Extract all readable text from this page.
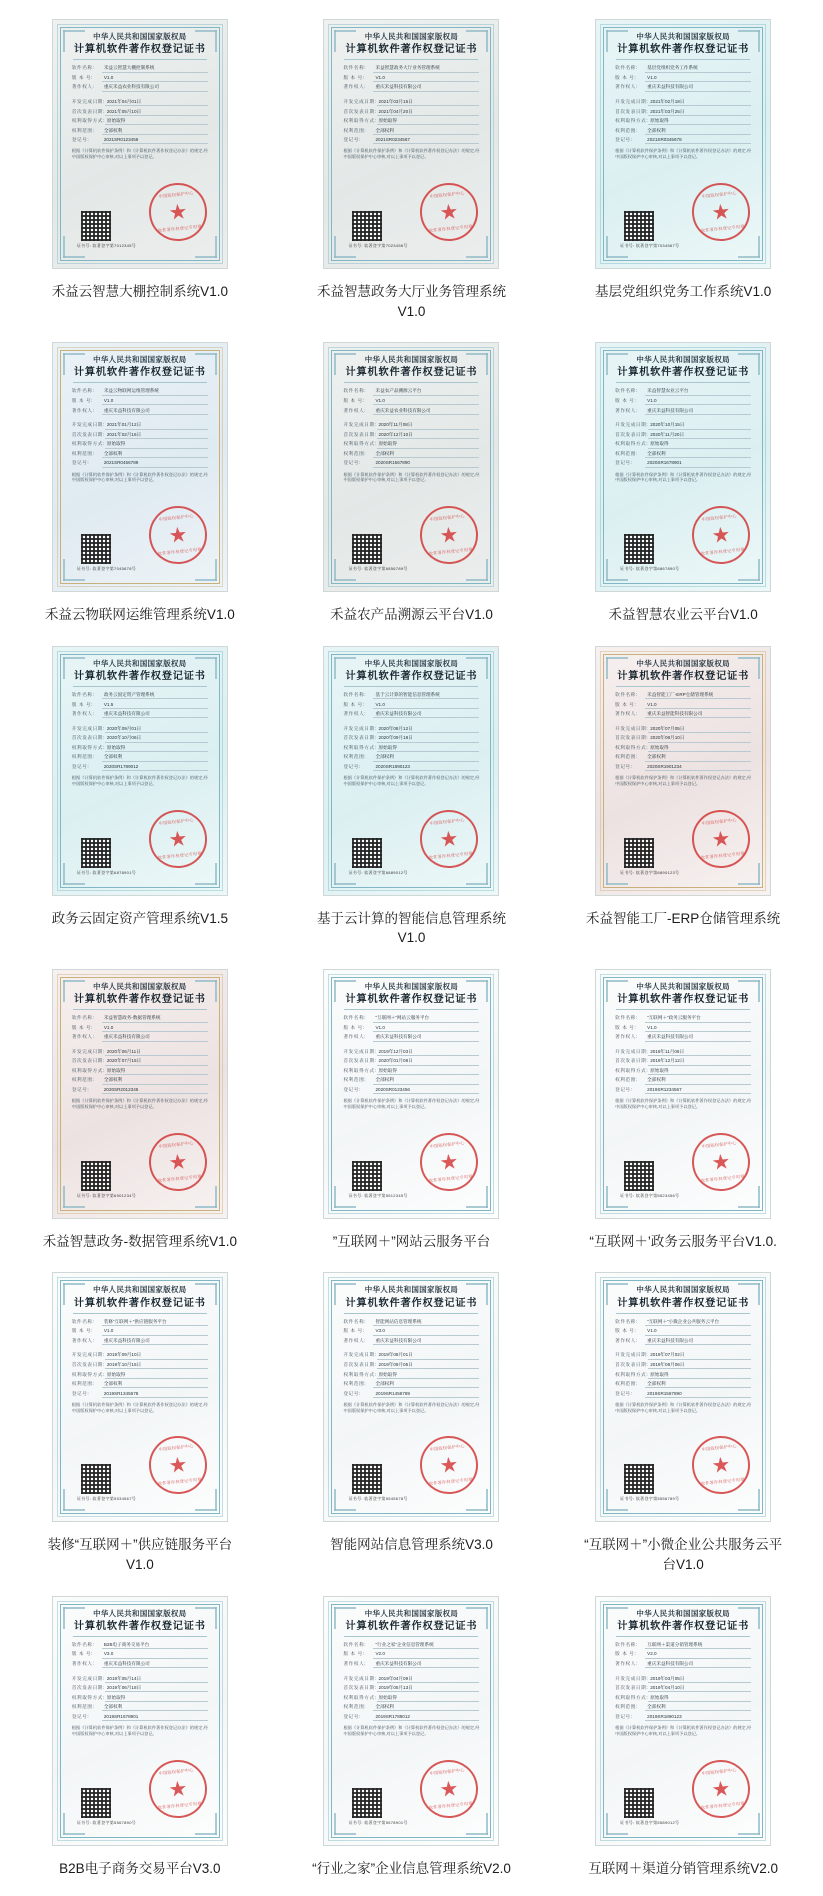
中华人民共和国国家版权局
计算机软件著作权登记证书
软件名称:	禾益云智慧大棚控制系统
版 本 号:	V1.0
著作权人:	重庆禾益农业科技有限公司
开发完成日期: 2021年04月01日
首次发表日期: 2021年05月10日
权利取得方式: 原始取得
权利范围:	全部权利
登记号:	2021SR0123456
根据《计算机软件保护条例》和《计算机软件著作权登记办法》的规定,经中国版权保护中心审核,对以上事项予以登记。
证书号: 软著登字第7012345号
中国版权保护中心
★
软件著作权登记专用章
禾益云智慧大棚控制系统V1.0
中华人民共和国国家版权局
计算机软件著作权登记证书
软件名称:	禾益智慧政务大厅业务管理系统
版 本 号:	V1.0
著作权人:	重庆禾益科技有限公司
开发完成日期: 2021年03月15日
首次发表日期: 2021年04月20日
权利取得方式: 原始取得
权利范围:	全部权利
登记号:	2021SR0234567
根据《计算机软件保护条例》和《计算机软件著作权登记办法》的规定,经中国版权保护中心审核,对以上事项予以登记。
证书号: 软著登字第7023456号
中国版权保护中心
★
软件著作权登记专用章
禾益智慧政务大厅业务管理系统V1.0
中华人民共和国国家版权局
计算机软件著作权登记证书
软件名称:	基层党组织党务工作系统
版 本 号:	V1.0
著作权人:	重庆禾益科技有限公司
开发完成日期: 2021年02月18日
首次发表日期: 2021年03月25日
权利取得方式: 原始取得
权利范围:	全部权利
登记号:	2021SR0345678
根据《计算机软件保护条例》和《计算机软件著作权登记办法》的规定,经中国版权保护中心审核,对以上事项予以登记。
证书号: 软著登字第7034567号
中国版权保护中心
★
软件著作权登记专用章
基层党组织党务工作系统V1.0
中华人民共和国国家版权局
计算机软件著作权登记证书
软件名称:	禾益云物联网运维管理系统
版 本 号:	V1.0
著作权人:	重庆禾益科技有限公司
开发完成日期: 2021年01月12日
首次发表日期: 2021年02月16日
权利取得方式: 原始取得
权利范围:	全部权利
登记号:	2021SR0456789
根据《计算机软件保护条例》和《计算机软件著作权登记办法》的规定,经中国版权保护中心审核,对以上事项予以登记。
证书号: 软著登字第7045678号
中国版权保护中心
★
软件著作权登记专用章
禾益云物联网运维管理系统V1.0
中华人民共和国国家版权局
计算机软件著作权登记证书
软件名称:	禾益农产品溯源云平台
版 本 号:	V1.0
著作权人:	重庆禾益农业科技有限公司
开发完成日期: 2020年11月08日
首次发表日期: 2020年12月10日
权利取得方式: 原始取得
权利范围:	全部权利
登记号:	2020SR1567890
根据《计算机软件保护条例》和《计算机软件著作权登记办法》的规定,经中国版权保护中心审核,对以上事项予以登记。
证书号: 软著登字第6856789号
中国版权保护中心
★
软件著作权登记专用章
禾益农产品溯源云平台V1.0
中华人民共和国国家版权局
计算机软件著作权登记证书
软件名称:	禾益智慧农业云平台
版 本 号:	V1.0
著作权人:	重庆禾益科技有限公司
开发完成日期: 2020年10月15日
首次发表日期: 2020年11月20日
权利取得方式: 原始取得
权利范围:	全部权利
登记号:	2020SR1678901
根据《计算机软件保护条例》和《计算机软件著作权登记办法》的规定,经中国版权保护中心审核,对以上事项予以登记。
证书号: 软著登字第6867890号
中国版权保护中心
★
软件著作权登记专用章
禾益智慧农业云平台V1.0
中华人民共和国国家版权局
计算机软件著作权登记证书
软件名称:	政务云固定资产管理系统
版 本 号:	V1.5
著作权人:	重庆禾益科技有限公司
开发完成日期: 2020年09月01日
首次发表日期: 2020年10月06日
权利取得方式: 原始取得
权利范围:	全部权利
登记号:	2020SR1789012
根据《计算机软件保护条例》和《计算机软件著作权登记办法》的规定,经中国版权保护中心审核,对以上事项予以登记。
证书号: 软著登字第6878901号
中国版权保护中心
★
软件著作权登记专用章
政务云固定资产管理系统V1.5
中华人民共和国国家版权局
计算机软件著作权登记证书
软件名称:	基于云计算的智能信息管理系统
版 本 号:	V1.0
著作权人:	重庆禾益科技有限公司
开发完成日期: 2020年08月12日
首次发表日期: 2020年09月18日
权利取得方式: 原始取得
权利范围:	全部权利
登记号:	2020SR1890123
根据《计算机软件保护条例》和《计算机软件著作权登记办法》的规定,经中国版权保护中心审核,对以上事项予以登记。
证书号: 软著登字第6889012号
中国版权保护中心
★
软件著作权登记专用章
基于云计算的智能信息管理系统V1.0
中华人民共和国国家版权局
计算机软件著作权登记证书
软件名称:	禾益智能工厂-ERP仓储管理系统
版 本 号:	V1.0
著作权人:	重庆禾益智能科技有限公司
开发完成日期: 2020年07月05日
首次发表日期: 2020年08月10日
权利取得方式: 原始取得
权利范围:	全部权利
登记号:	2020SR1901234
根据《计算机软件保护条例》和《计算机软件著作权登记办法》的规定,经中国版权保护中心审核,对以上事项予以登记。
证书号: 软著登字第6890123号
中国版权保护中心
★
软件著作权登记专用章
禾益智能工厂-ERP仓储管理系统
中华人民共和国国家版权局
计算机软件著作权登记证书
软件名称:	禾益智慧政务-数据管理系统
版 本 号:	V1.0
著作权人:	重庆禾益科技有限公司
开发完成日期: 2020年06月11日
首次发表日期: 2020年07月15日
权利取得方式: 原始取得
权利范围:	全部权利
登记号:	2020SR2012345
根据《计算机软件保护条例》和《计算机软件著作权登记办法》的规定,经中国版权保护中心审核,对以上事项予以登记。
证书号: 软著登字第6901234号
中国版权保护中心
★
软件著作权登记专用章
禾益智慧政务-数据管理系统V1.0
中华人民共和国国家版权局
计算机软件著作权登记证书
软件名称:	“互联网＋”网站云服务平台
版 本 号:	V1.0
著作权人:	重庆禾益科技有限公司
开发完成日期: 2019年12月03日
首次发表日期: 2020年01月08日
权利取得方式: 原始取得
权利范围:	全部权利
登记号:	2020SR0123456
根据《计算机软件保护条例》和《计算机软件著作权登记办法》的规定,经中国版权保护中心审核,对以上事项予以登记。
证书号: 软著登字第5512345号
中国版权保护中心
★
软件著作权登记专用章
”互联网＋”网站云服务平台
中华人民共和国国家版权局
计算机软件著作权登记证书
软件名称:	“互联网＋”政务云服务平台
版 本 号:	V1.0
著作权人:	重庆禾益科技有限公司
开发完成日期: 2019年11月06日
首次发表日期: 2019年12月12日
权利取得方式: 原始取得
权利范围:	全部权利
登记号:	2019SR1234567
根据《计算机软件保护条例》和《计算机软件著作权登记办法》的规定,经中国版权保护中心审核,对以上事项予以登记。
证书号: 软著登字第5523456号
中国版权保护中心
★
软件著作权登记专用章
“互联网＋’政务云服务平台V1.0.
中华人民共和国国家版权局
计算机软件著作权登记证书
软件名称:	装修“互联网＋”供应链服务平台
版 本 号:	V1.0
著作权人:	重庆禾益科技有限公司
开发完成日期: 2019年09月10日
首次发表日期: 2019年10月15日
权利取得方式: 原始取得
权利范围:	全部权利
登记号:	2019SR1345678
根据《计算机软件保护条例》和《计算机软件著作权登记办法》的规定,经中国版权保护中心审核,对以上事项予以登记。
证书号: 软著登字第5534567号
中国版权保护中心
★
软件著作权登记专用章
装修“互联网＋”供应链服务平台V1.0
中华人民共和国国家版权局
计算机软件著作权登记证书
软件名称:	智能网站信息管理系统
版 本 号:	V3.0
著作权人:	重庆禾益科技有限公司
开发完成日期: 2019年08月01日
首次发表日期: 2019年09月05日
权利取得方式: 原始取得
权利范围:	全部权利
登记号:	2019SR1456789
根据《计算机软件保护条例》和《计算机软件著作权登记办法》的规定,经中国版权保护中心审核,对以上事项予以登记。
证书号: 软著登字第5545678号
中国版权保护中心
★
软件著作权登记专用章
智能网站信息管理系统V3.0
中华人民共和国国家版权局
计算机软件著作权登记证书
软件名称:	“互联网＋”小微企业公共服务云平台
版 本 号:	V1.0
著作权人:	重庆禾益科技有限公司
开发完成日期: 2019年07月02日
首次发表日期: 2019年08月06日
权利取得方式: 原始取得
权利范围:	全部权利
登记号:	2019SR1567890
根据《计算机软件保护条例》和《计算机软件著作权登记办法》的规定,经中国版权保护中心审核,对以上事项予以登记。
证书号: 软著登字第5556789号
中国版权保护中心
★
软件著作权登记专用章
“互联网＋”小微企业公共服务云平台V1.0
中华人民共和国国家版权局
计算机软件著作权登记证书
软件名称:	B2B电子商务交易平台
版 本 号:	V3.0
著作权人:	重庆禾益科技有限公司
开发完成日期: 2019年05月14日
首次发表日期: 2019年06月18日
权利取得方式: 原始取得
权利范围:	全部权利
登记号:	2019SR1678901
根据《计算机软件保护条例》和《计算机软件著作权登记办法》的规定,经中国版权保护中心审核,对以上事项予以登记。
证书号: 软著登字第5567890号
中国版权保护中心
★
软件著作权登记专用章
B2B电子商务交易平台V3.0
中华人民共和国国家版权局
计算机软件著作权登记证书
软件名称:	“行业之家”企业信息管理系统
版 本 号:	V2.0
著作权人:	重庆禾益科技有限公司
开发完成日期: 2019年04月09日
首次发表日期: 2019年05月13日
权利取得方式: 原始取得
权利范围:	全部权利
登记号:	2019SR1789012
根据《计算机软件保护条例》和《计算机软件著作权登记办法》的规定,经中国版权保护中心审核,对以上事项予以登记。
证书号: 软著登字第5578901号
中国版权保护中心
★
软件著作权登记专用章
“行业之家”企业信息管理系统V2.0
中华人民共和国国家版权局
计算机软件著作权登记证书
软件名称:	互联网＋渠道分销管理系统
版 本 号:	V2.0
著作权人:	重庆禾益科技有限公司
开发完成日期: 2019年03月05日
首次发表日期: 2019年04月10日
权利取得方式: 原始取得
权利范围:	全部权利
登记号:	2019SR1890123
根据《计算机软件保护条例》和《计算机软件著作权登记办法》的规定,经中国版权保护中心审核,对以上事项予以登记。
证书号: 软著登字第5589012号
中国版权保护中心
★
软件著作权登记专用章
互联网＋渠道分销管理系统V2.0
